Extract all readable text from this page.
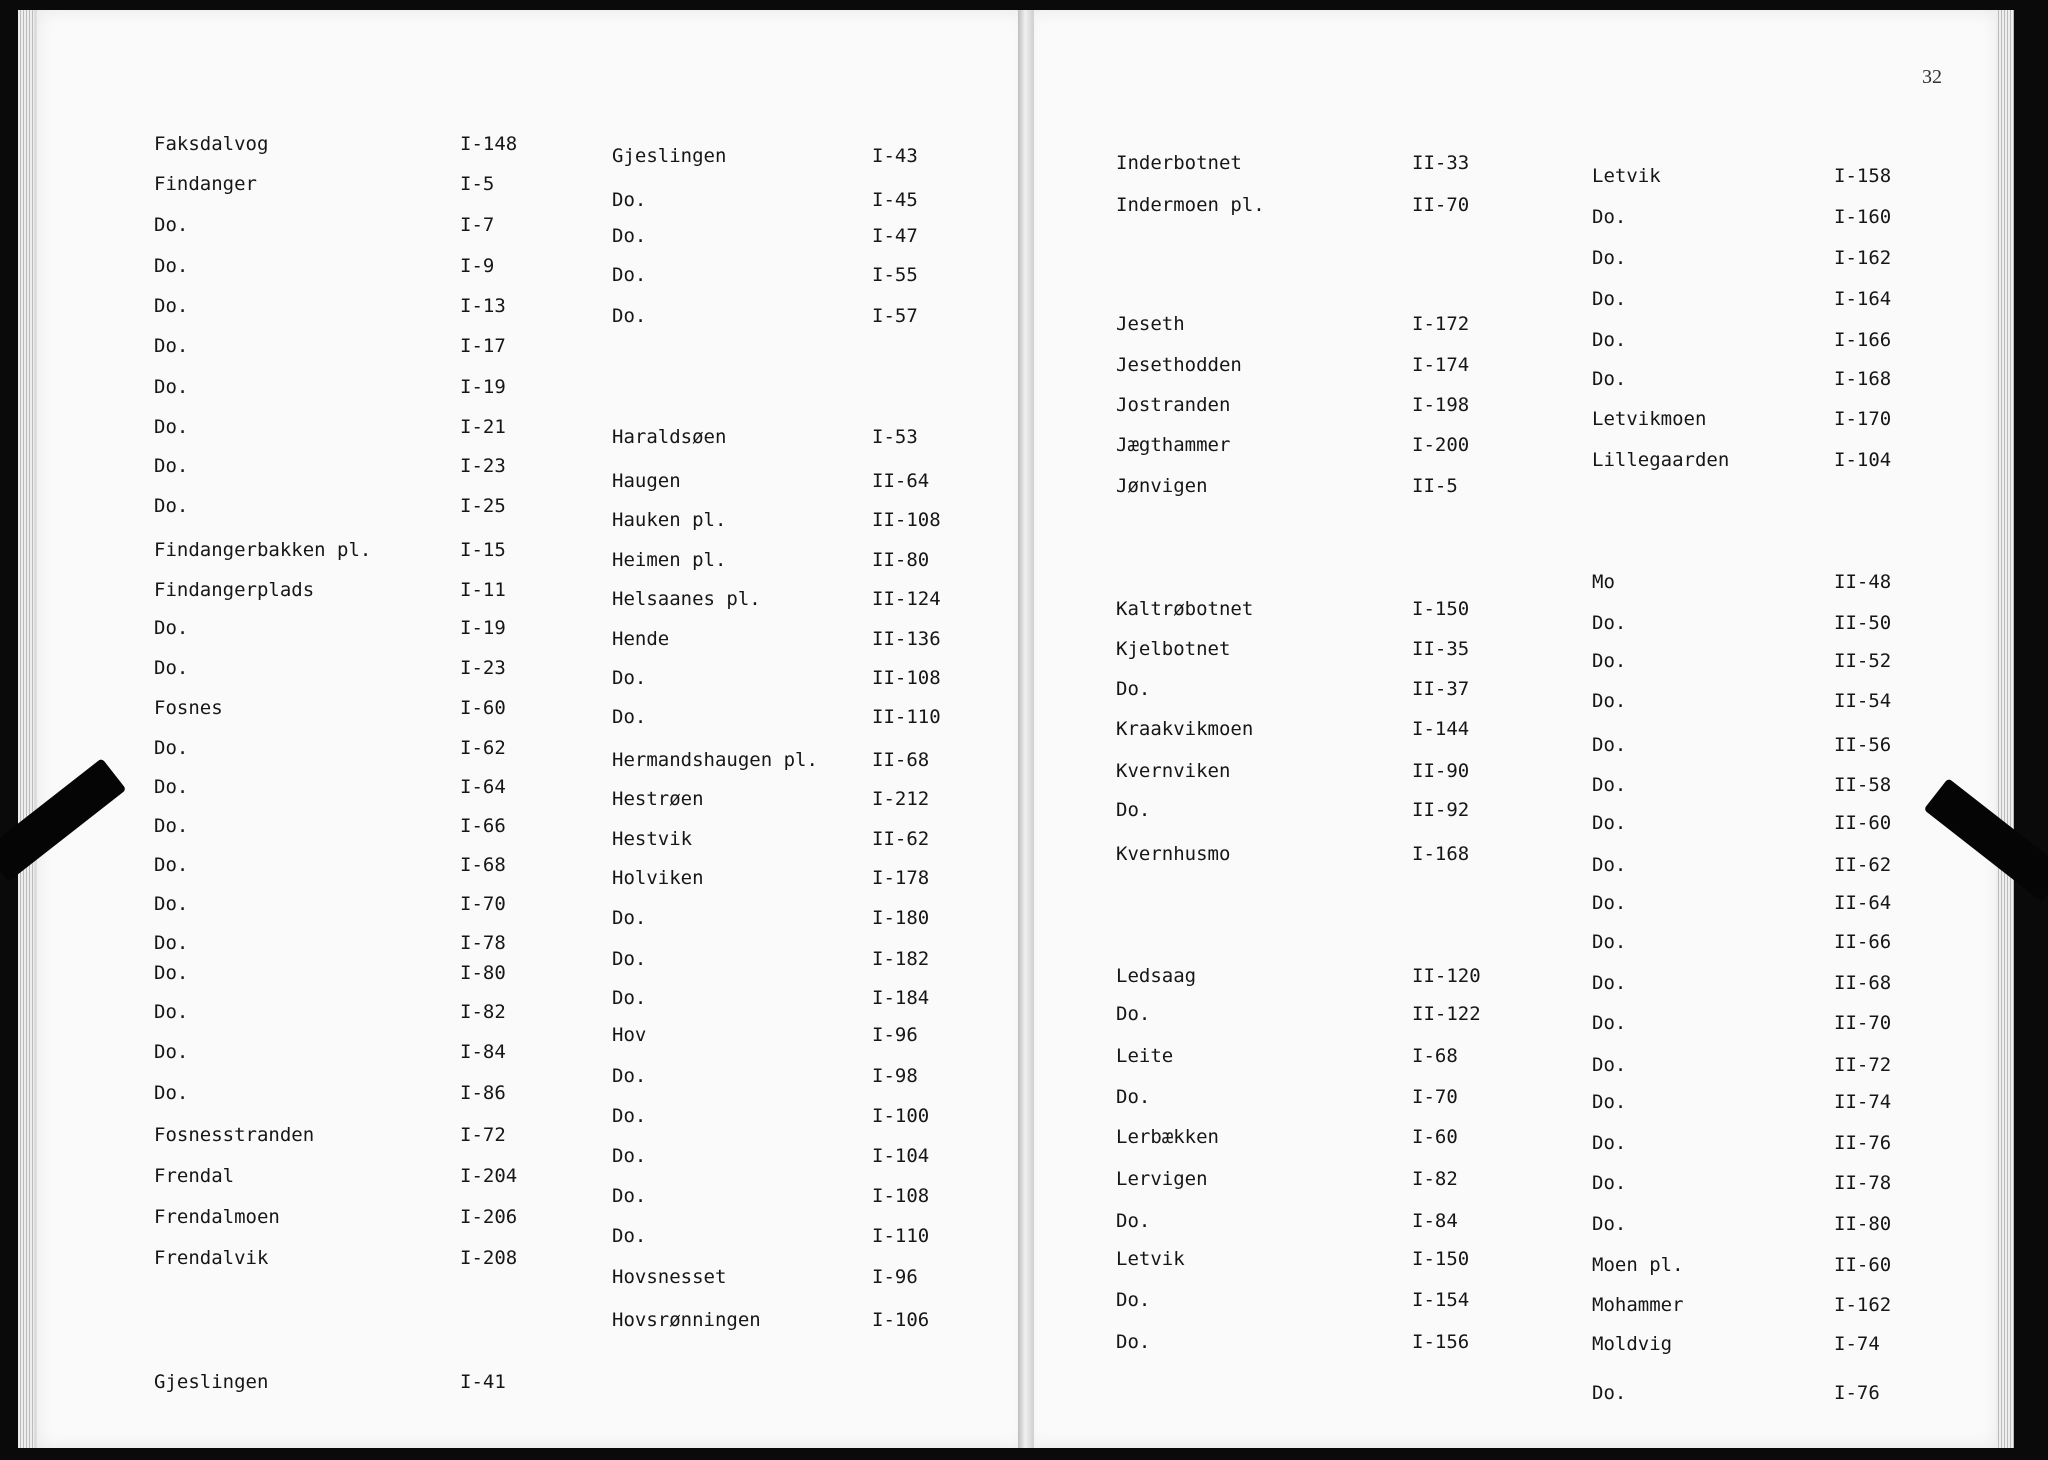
32
Faksdalvog	I-148
Findanger	I-5
Do.	I-7
Do.	I-9
Do.	I-13
Do.	I-17
Do.	I-19
Do.	I-21
Do.	I-23
Do.	I-25
Findangerbakken pl.	I-15
Findangerplads	I-11
Do.	I-19
Do.	I-23
Fosnes	I-60
Do.	I-62
Do.	I-64
Do.	I-66
Do.	I-68
Do.	I-70
Do.	I-78
Do.	I-80
Do.	I-82
Do.	I-84
Do.	I-86
Fosnesstranden	I-72
Frendal	I-204
Frendalmoen	I-206
Frendalvik	I-208
Gjeslingen	I-41
Gjeslingen	I-43
Do.	I-45
Do.	I-47
Do.	I-55
Do.	I-57
Haraldsøen	I-53
Haugen	II-64
Hauken pl.	II-108
Heimen pl.	II-80
Helsaanes pl.	II-124
Hende	II-136
Do.	II-108
Do.	II-110
Hermandshaugen pl.	II-68
Hestrøen	I-212
Hestvik	II-62
Holviken	I-178
Do.	I-180
Do.	I-182
Do.	I-184
Hov	I-96
Do.	I-98
Do.	I-100
Do.	I-104
Do.	I-108
Do.	I-110
Hovsnesset	I-96
Hovsrønningen	I-106
Inderbotnet	II-33
Indermoen pl.	II-70
Jeseth	I-172
Jesethodden	I-174
Jostranden	I-198
Jægthammer	I-200
Jønvigen	II-5
Kaltrøbotnet	I-150
Kjelbotnet	II-35
Do.	II-37
Kraakvikmoen	I-144
Kvernviken	II-90
Do.	II-92
Kvernhusmo	I-168
Ledsaag	II-120
Do.	II-122
Leite	I-68
Do.	I-70
Lerbækken	I-60
Lervigen	I-82
Do.	I-84
Letvik	I-150
Do.	I-154
Do.	I-156
Letvik	I-158
Do.	I-160
Do.	I-162
Do.	I-164
Do.	I-166
Do.	I-168
Letvikmoen	I-170
Lillegaarden	I-104
Mo	II-48
Do.	II-50
Do.	II-52
Do.	II-54
Do.	II-56
Do.	II-58
Do.	II-60
Do.	II-62
Do.	II-64
Do.	II-66
Do.	II-68
Do.	II-70
Do.	II-72
Do.	II-74
Do.	II-76
Do.	II-78
Do.	II-80
Moen pl.	II-60
Mohammer	I-162
Moldvig	I-74
Do.	I-76
